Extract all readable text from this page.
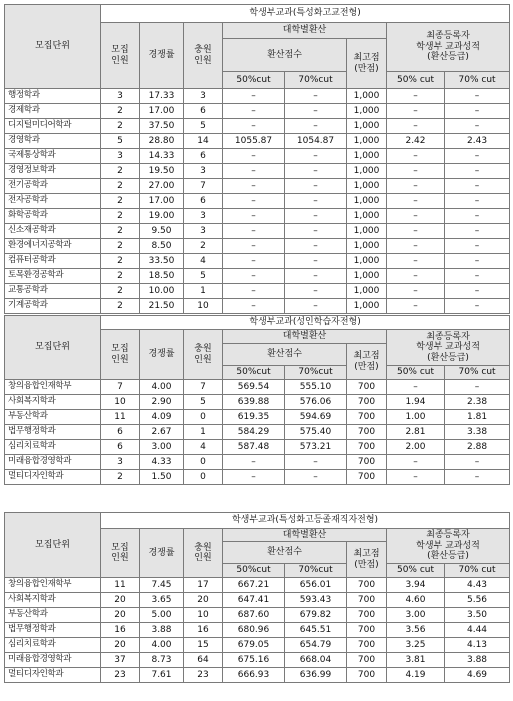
모집단위	학생부교과(특성화고교전형)							
	모집
인원	경쟁률	충원
인원	대학별환산			최종등록자
학생부 교과성적
(환산등급)	
				환산점수		최고점
(만점)		
				50%cut	70%cut		50% cut	70% cut
행정학과	3	17.33	3	–	–	1,000	–	–
경제학과	2	17.00	6	–	–	1,000	–	–
디지털미디어학과	2	37.50	5	–	–	1,000	–	–
경영학과	5	28.80	14	1055.87	1054.87	1,000	2.42	2.43
국제통상학과	3	14.33	6	–	–	1,000	–	–
경영정보학과	2	19.50	3	–	–	1,000	–	–
전기공학과	2	27.00	7	–	–	1,000	–	–
전자공학과	2	17.00	6	–	–	1,000	–	–
화학공학과	2	19.00	3	–	–	1,000	–	–
신소재공학과	2	9.50	3	–	–	1,000	–	–
환경에너지공학과	2	8.50	2	–	–	1,000	–	–
컴퓨터공학과	2	33.50	4	–	–	1,000	–	–
토목환경공학과	2	18.50	5	–	–	1,000	–	–
교통공학과	2	10.00	1	–	–	1,000	–	–
기계공학과	2	21.50	10	–	–	1,000	–	–
모집단위	학생부교과(성인학습자전형)							
	모집
인원	경쟁률	충원
인원	대학별환산			최종등록자
학생부 교과성적
(환산등급)	
				환산점수		최고점
(만점)		
				50%cut	70%cut		50% cut	70% cut
창의융합인재학부	7	4.00	7	569.54	555.10	700	–	–
사회복지학과	10	2.90	5	639.88	576.06	700	1.94	2.38
부동산학과	11	4.09	0	619.35	594.69	700	1.00	1.81
법무행정학과	6	2.67	1	584.29	575.40	700	2.81	3.38
심리치료학과	6	3.00	4	587.48	573.21	700	2.00	2.88
미래융합경영학과	3	4.33	0	–	–	700	–	–
멀티디자인학과	2	1.50	0	–	–	700	–	–
모집단위	학생부교과(특성화고등졸재직자전형)							
	모집
인원	경쟁률	충원
인원	대학별환산			최종등록자
학생부 교과성적
(환산등급)	
				환산점수		최고점
(만점)		
				50%cut	70%cut		50% cut	70% cut
창의융합인재학부	11	7.45	17	667.21	656.01	700	3.94	4.43
사회복지학과	20	3.65	20	647.41	593.43	700	4.60	5.56
부동산학과	20	5.00	10	687.60	679.82	700	3.00	3.50
법무행정학과	16	3.88	16	680.96	645.51	700	3.56	4.44
심리치료학과	20	4.00	15	679.05	654.79	700	3.25	4.13
미래융합경영학과	37	8.73	64	675.16	668.04	700	3.81	3.88
멀티디자인학과	23	7.61	23	666.93	636.99	700	4.19	4.69
